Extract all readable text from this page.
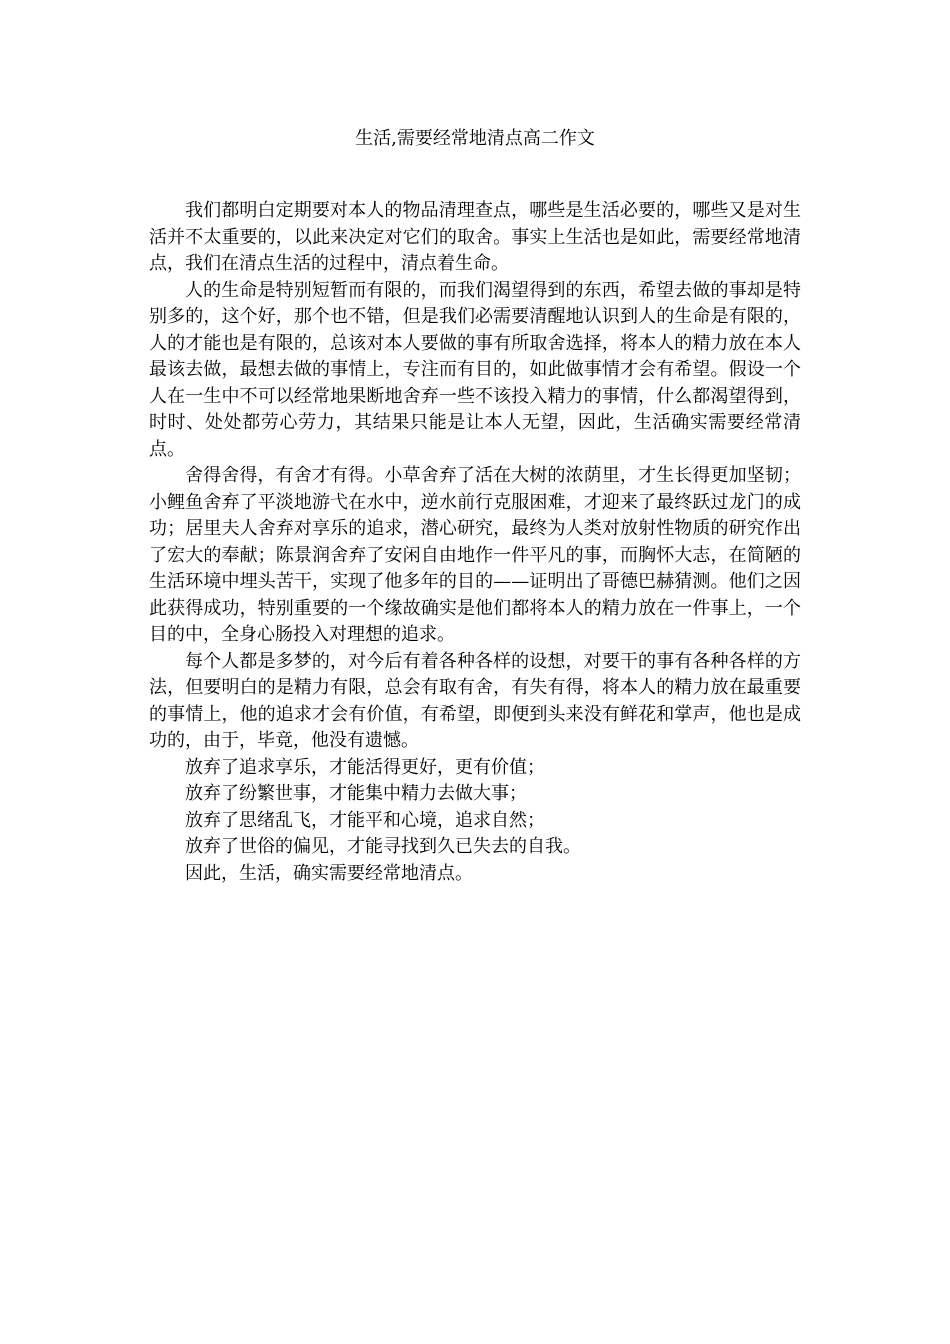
生活,需要经常地清点高二作文

我们都明白定期要对本人的物品清理查点，哪些是生活必要的，哪些又是对生活并不太重要的，以此来决定对它们的取舍。事实上生活也是如此，需要经常地清点，我们在清点生活的过程中，清点着生命。

人的生命是特别短暂而有限的，而我们渴望得到的东西，希望去做的事却是特别多的，这个好，那个也不错，但是我们必需要清醒地认识到人的生命是有限的，人的才能也是有限的，总该对本人要做的事有所取舍选择，将本人的精力放在本人最该去做，最想去做的事情上，专注而有目的，如此做事情才会有希望。假设一个人在一生中不可以经常地果断地舍弃一些不该投入精力的事情，什么都渴望得到，时时、处处都劳心劳力，其结果只能是让本人无望，因此，生活确实需要经常清点。

舍得舍得，有舍才有得。小草舍弃了活在大树的浓荫里，才生长得更加坚韧；小鲤鱼舍弃了平淡地游弋在水中，逆水前行克服困难，才迎来了最终跃过龙门的成功；居里夫人舍弃对享乐的追求，潜心研究，最终为人类对放射性物质的研究作出了宏大的奉献；陈景润舍弃了安闲自由地作一件平凡的事，而胸怀大志，在简陋的生活环境中埋头苦干，实现了他多年的目的——证明出了哥德巴赫猜测。他们之因此获得成功，特别重要的一个缘故确实是他们都将本人的精力放在一件事上，一个目的中，全身心肠投入对理想的追求。

每个人都是多梦的，对今后有着各种各样的设想，对要干的事有各种各样的方法，但要明白的是精力有限，总会有取有舍，有失有得，将本人的精力放在最重要的事情上，他的追求才会有价值，有希望，即便到头来没有鲜花和掌声，他也是成功的，由于，毕竟，他没有遗憾。

放弃了追求享乐，才能活得更好，更有价值；

放弃了纷繁世事，才能集中精力去做大事；

放弃了思绪乱飞，才能平和心境，追求自然；

放弃了世俗的偏见，才能寻找到久已失去的自我。

因此，生活，确实需要经常地清点。
